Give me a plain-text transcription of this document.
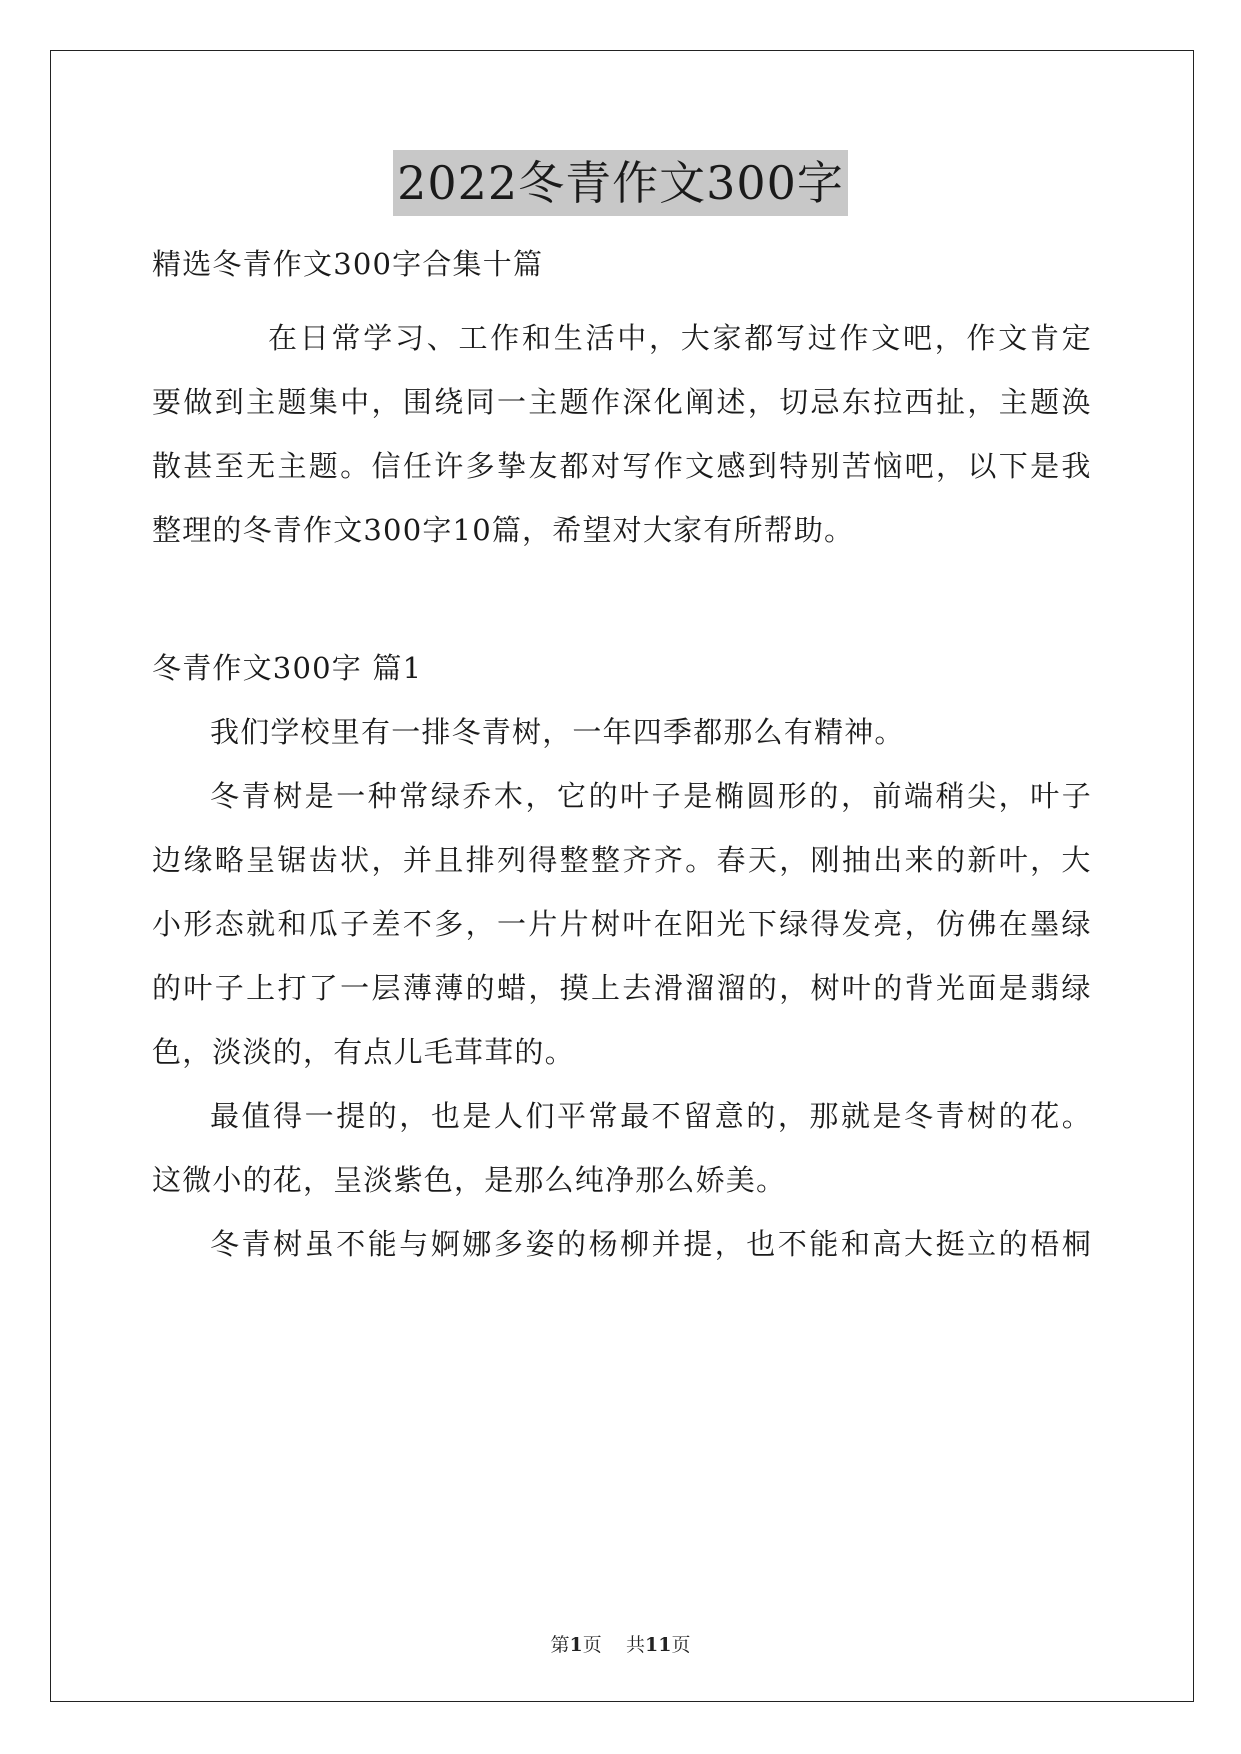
2022冬青作文300字
精选冬青作文300字合集十篇
在 日 常 学 习 、 工 作 和 生 活 中 ， 大 家 都 写 过 作 文 吧 ， 作 文 肯 定
要 做 到 主 题 集 中 ， 围 绕 同 一 主 题 作 深 化 阐 述 ， 切 忌 东 拉 西 扯 ， 主 题 涣
散 甚 至 无 主 题 。 信 任 许 多 挚 友 都 对 写 作 文 感 到 特 别 苦 恼 吧 ， 以 下 是 我
整理的冬青作文300字10篇，希望对大家有所帮助。
冬青作文300字 篇1
我们学校里有一排冬青树，一年四季都那么有精神。
冬 青 树 是 一 种 常 绿 乔 木 ， 它 的 叶 子 是 椭 圆 形 的 ， 前 端 稍 尖 ， 叶 子
边 缘 略 呈 锯 齿 状 ， 并 且 排 列 得 整 整 齐 齐 。 春 天 ， 刚 抽 出 来 的 新 叶 ， 大
小 形 态 就 和 瓜 子 差 不 多 ， 一 片 片 树 叶 在 阳 光 下 绿 得 发 亮 ， 仿 佛 在 墨 绿
的 叶 子 上 打 了 一 层 薄 薄 的 蜡 ， 摸 上 去 滑 溜 溜 的 ， 树 叶 的 背 光 面 是 翡 绿
色，淡淡的，有点儿毛茸茸的。
最 值 得 一 提 的 ， 也 是 人 们 平 常 最 不 留 意 的 ， 那 就 是 冬 青 树 的 花 。
这微小的花，呈淡紫色，是那么纯净那么娇美。
冬 青 树 虽 不 能 与 婀 娜 多 姿 的 杨 柳 并 提 ， 也 不 能 和 高 大 挺 立 的 梧 桐
第1页 共11页
